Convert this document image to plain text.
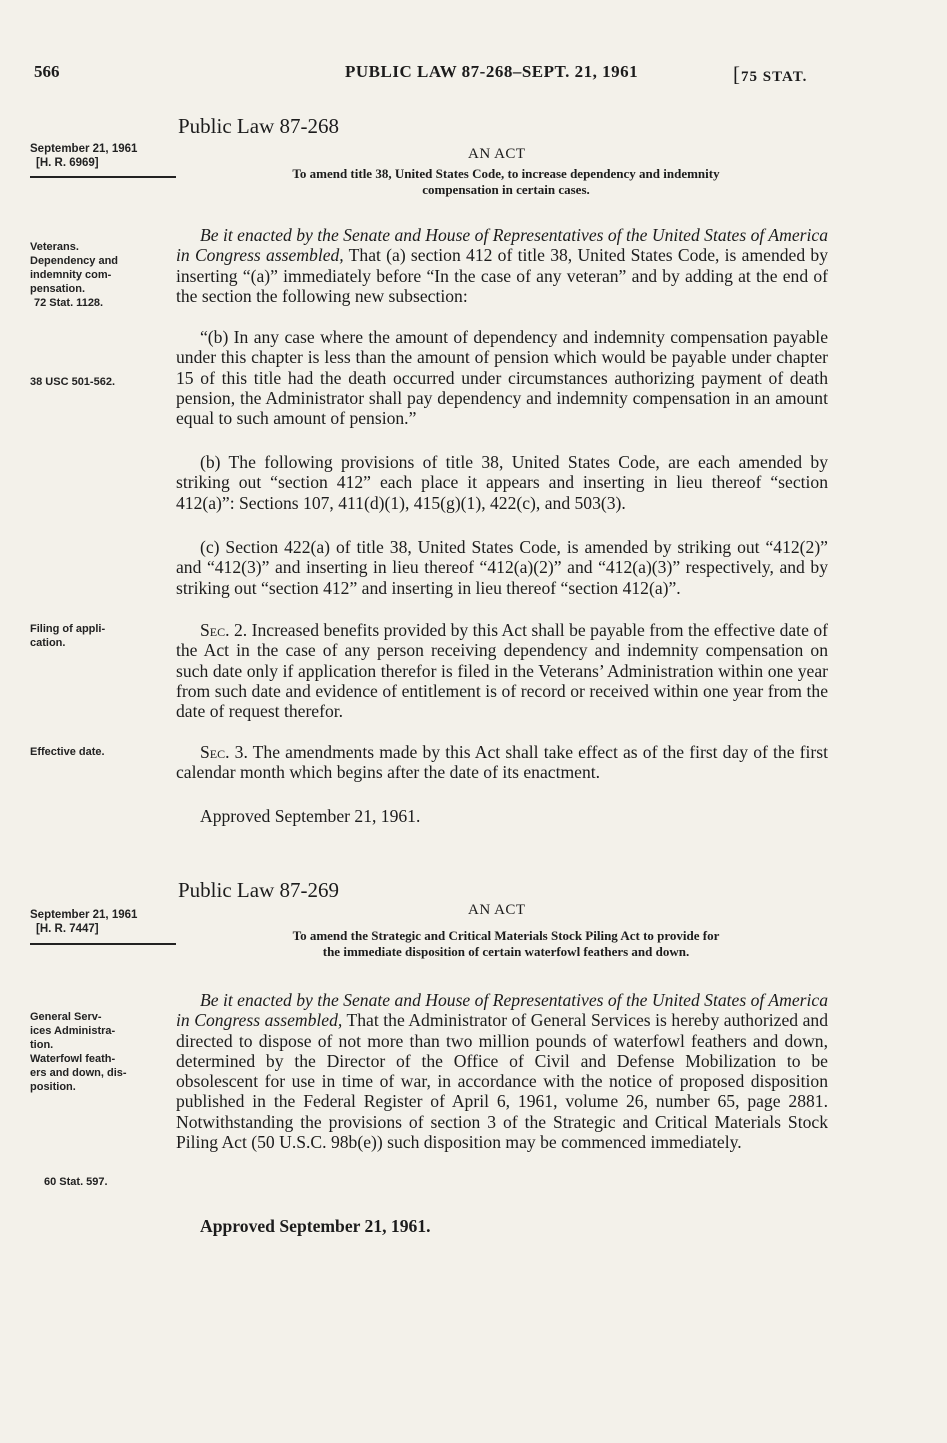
566	PUBLIC LAW 87-268–SEPT. 21, 1961	[75 STAT.
Public Law 87-268
AN ACT
September 21, 1961
[H. R. 6969]
To amend title 38, United States Code, to increase dependency and indemnity
compensation in certain cases.
Veterans.
Dependency and
indemnity com-
pensation.
72 Stat. 1128.
Be it enacted by the Senate and House of Representatives of the United States of America in Congress assembled, That (a) section 412 of title 38, United States Code, is amended by inserting “(a)” immediately before “In the case of any veteran” and by adding at the end of the section the following new subsection:
38 USC 501-562.
“(b) In any case where the amount of dependency and indemnity compensation payable under this chapter is less than the amount of pension which would be payable under chapter 15 of this title had the death occurred under circumstances authorizing payment of death pension, the Administrator shall pay dependency and indemnity compensation in an amount equal to such amount of pension.”
(b) The following provisions of title 38, United States Code, are each amended by striking out “section 412” each place it appears and inserting in lieu thereof “section 412(a)”: Sections 107, 411(d)(1), 415(g)(1), 422(c), and 503(3).
(c) Section 422(a) of title 38, United States Code, is amended by striking out “412(2)” and “412(3)” and inserting in lieu thereof “412(a)(2)” and “412(a)(3)” respectively, and by striking out “section 412” and inserting in lieu thereof “section 412(a)”.
Filing of appli-
cation.
Sec. 2. Increased benefits provided by this Act shall be payable from the effective date of the Act in the case of any person receiving dependency and indemnity compensation on such date only if application therefor is filed in the Veterans’ Administration within one year from such date and evidence of entitlement is of record or received within one year from the date of request therefor.
Effective date.	Sec. 3. The amendments made by this Act shall take effect as of the first day of the first calendar month which begins after the date of its enactment.
Approved September 21, 1961.
Public Law 87-269
AN ACT
September 21, 1961
[H. R. 7447]	To amend the Strategic and Critical Materials Stock Piling Act to provide for
the immediate disposition of certain waterfowl feathers and down.
General Serv-
ices Administra-
tion.
Waterfowl feath-
ers and down, dis-
position.
Be it enacted by the Senate and House of Representatives of the United States of America in Congress assembled, That the Administrator of General Services is hereby authorized and directed to dispose of not more than two million pounds of waterfowl feathers and down, determined by the Director of the Office of Civil and Defense Mobilization to be obsolescent for use in time of war, in accordance with the notice of proposed disposition published in the Federal Register of April 6, 1961, volume 26, number 65, page 2881. Notwithstanding the provisions of section 3 of the Strategic and Critical Materials Stock Piling Act (50 U.S.C. 98b(e)) such disposition may be commenced immediately.
60 Stat. 597.
Approved September 21, 1961.
